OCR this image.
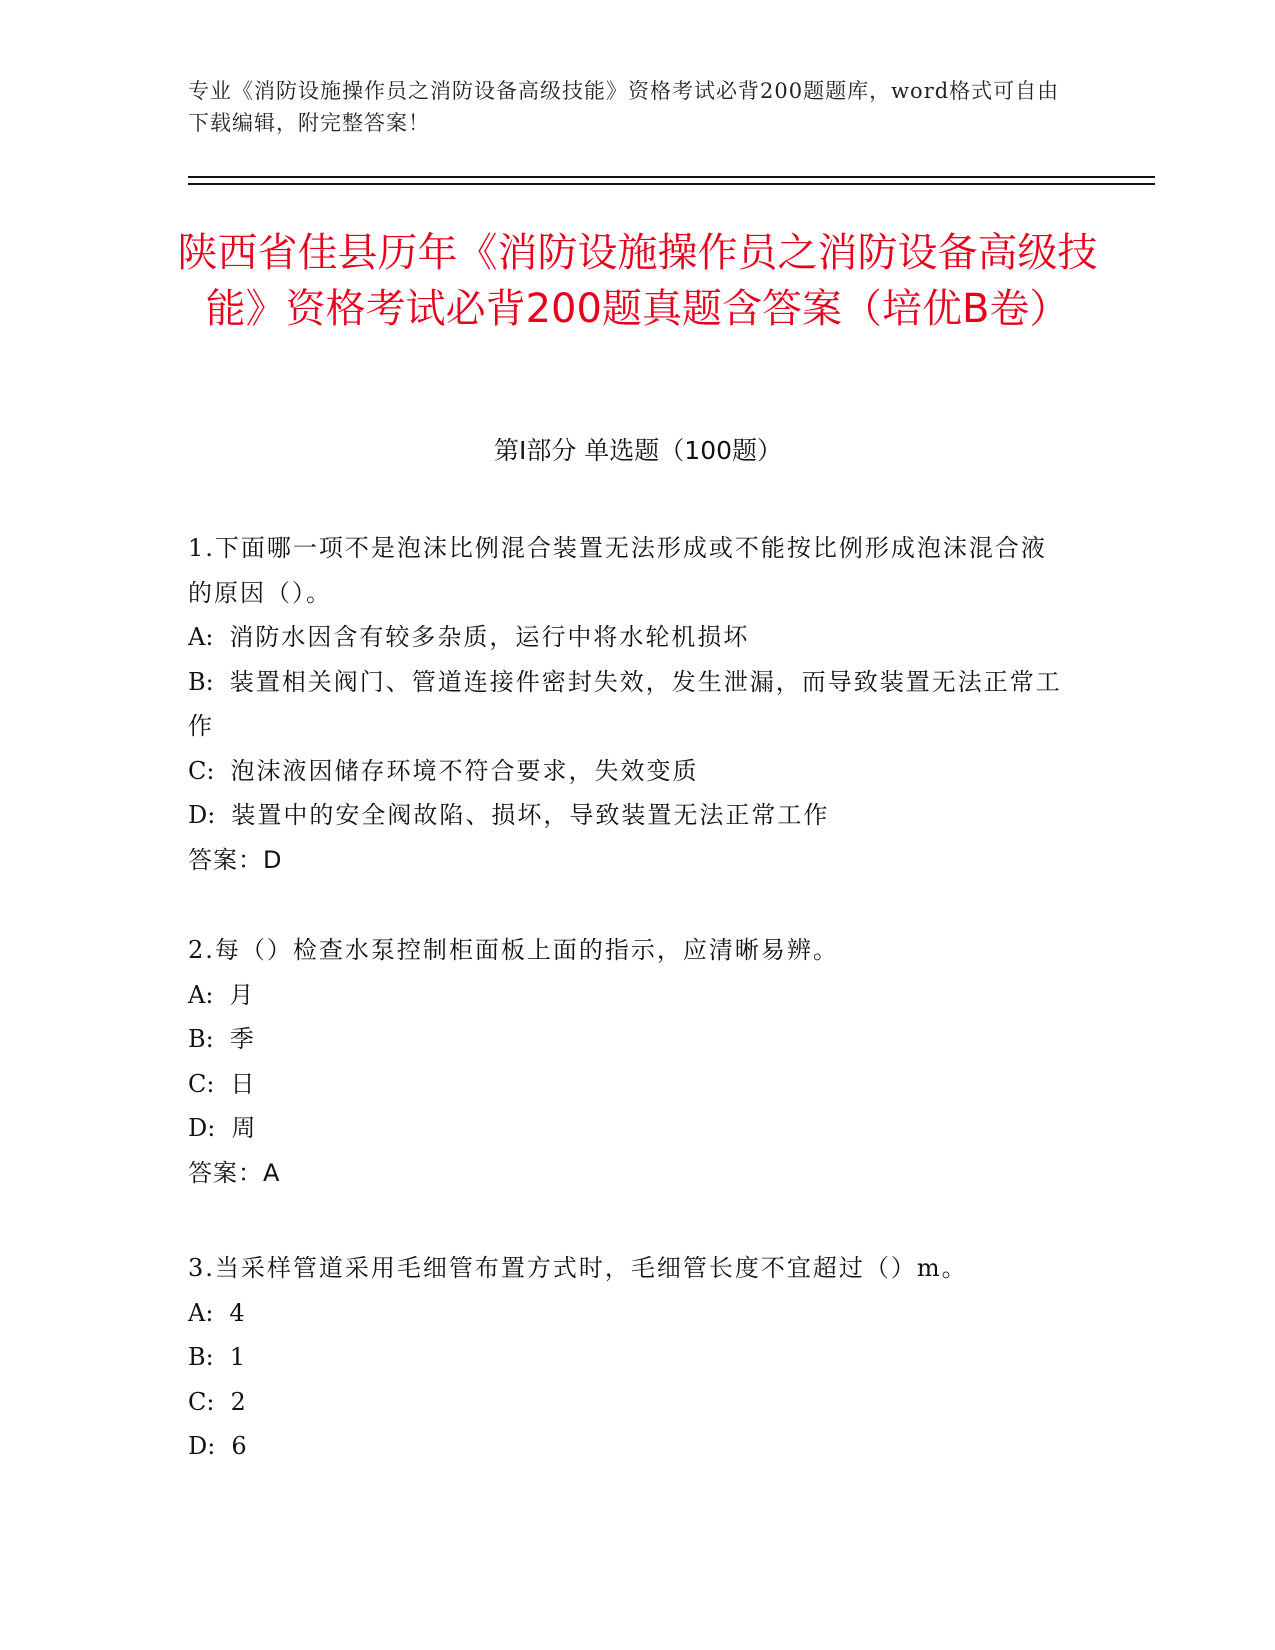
专业《消防设施操作员之消防设备高级技能》资格考试必背200题题库，word格式可自由下载编辑，附完整答案！
陕西省佳县历年《消防设施操作员之消防设备高级技能》资格考试必背200题真题含答案（培优B卷）
第I部分 单选题（100题）
1.下面哪一项不是泡沫比例混合装置无法形成或不能按比例形成泡沫混合液的原因（）。
A: 消防水因含有较多杂质，运行中将水轮机损坏
B: 装置相关阀门、管道连接件密封失效，发生泄漏，而导致装置无法正常工作
C: 泡沫液因储存环境不符合要求，失效变质
D: 装置中的安全阀故陷、损坏，导致装置无法正常工作
答案：D
2.每（）检查水泵控制柜面板上面的指示，应清晰易辨。
A: 月
B: 季
C: 日
D: 周
答案：A
3.当采样管道采用毛细管布置方式时，毛细管长度不宜超过（）m。
A: 4
B: 1
C: 2
D: 6
